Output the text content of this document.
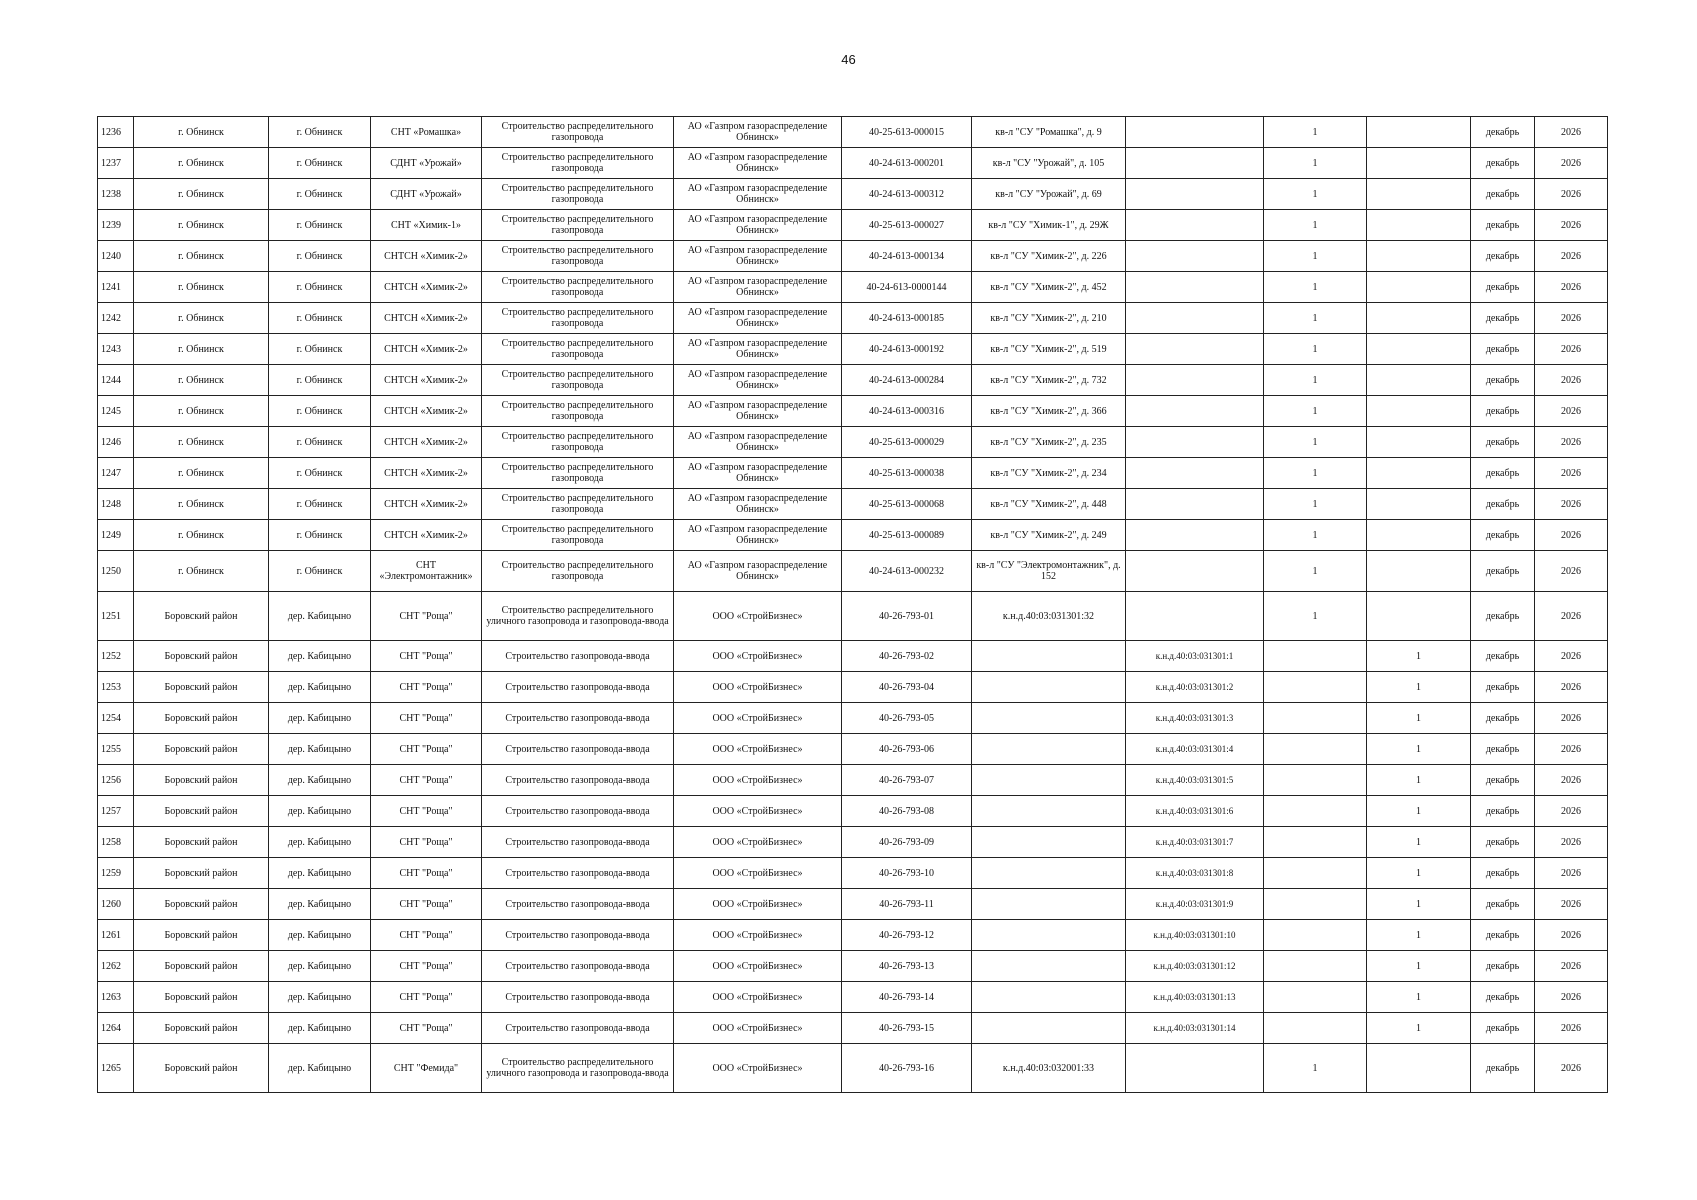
46
1236	г. Обнинск	г. Обнинск	СНТ «Ромашка»	Строительство распределительного газопровода	АО «Газпром газораспределение Обнинск»	40-25-613-000015	кв-л "СУ "Ромашка", д. 9		1		декабрь	2026
1237	г. Обнинск	г. Обнинск	СДНТ «Урожай»	Строительство распределительного газопровода	АО «Газпром газораспределение Обнинск»	40-24-613-000201	кв-л "СУ "Урожай", д. 105		1		декабрь	2026
1238	г. Обнинск	г. Обнинск	СДНТ «Урожай»	Строительство распределительного газопровода	АО «Газпром газораспределение Обнинск»	40-24-613-000312	кв-л "СУ "Урожай", д. 69		1		декабрь	2026
1239	г. Обнинск	г. Обнинск	СНТ «Химик-1»	Строительство распределительного газопровода	АО «Газпром газораспределение Обнинск»	40-25-613-000027	кв-л "СУ "Химик-1", д. 29Ж		1		декабрь	2026
1240	г. Обнинск	г. Обнинск	СНТСН «Химик-2»	Строительство распределительного газопровода	АО «Газпром газораспределение Обнинск»	40-24-613-000134	кв-л "СУ "Химик-2", д. 226		1		декабрь	2026
1241	г. Обнинск	г. Обнинск	СНТСН «Химик-2»	Строительство распределительного газопровода	АО «Газпром газораспределение Обнинск»	40-24-613-0000144	кв-л "СУ "Химик-2", д. 452		1		декабрь	2026
1242	г. Обнинск	г. Обнинск	СНТСН «Химик-2»	Строительство распределительного газопровода	АО «Газпром газораспределение Обнинск»	40-24-613-000185	кв-л "СУ "Химик-2", д. 210		1		декабрь	2026
1243	г. Обнинск	г. Обнинск	СНТСН «Химик-2»	Строительство распределительного газопровода	АО «Газпром газораспределение Обнинск»	40-24-613-000192	кв-л "СУ "Химик-2", д. 519		1		декабрь	2026
1244	г. Обнинск	г. Обнинск	СНТСН «Химик-2»	Строительство распределительного газопровода	АО «Газпром газораспределение Обнинск»	40-24-613-000284	кв-л "СУ "Химик-2", д. 732		1		декабрь	2026
1245	г. Обнинск	г. Обнинск	СНТСН «Химик-2»	Строительство распределительного газопровода	АО «Газпром газораспределение Обнинск»	40-24-613-000316	кв-л "СУ "Химик-2", д. 366		1		декабрь	2026
1246	г. Обнинск	г. Обнинск	СНТСН «Химик-2»	Строительство распределительного газопровода	АО «Газпром газораспределение Обнинск»	40-25-613-000029	кв-л "СУ "Химик-2", д. 235		1		декабрь	2026
1247	г. Обнинск	г. Обнинск	СНТСН «Химик-2»	Строительство распределительного газопровода	АО «Газпром газораспределение Обнинск»	40-25-613-000038	кв-л "СУ "Химик-2", д. 234		1		декабрь	2026
1248	г. Обнинск	г. Обнинск	СНТСН «Химик-2»	Строительство распределительного газопровода	АО «Газпром газораспределение Обнинск»	40-25-613-000068	кв-л "СУ "Химик-2", д. 448		1		декабрь	2026
1249	г. Обнинск	г. Обнинск	СНТСН «Химик-2»	Строительство распределительного газопровода	АО «Газпром газораспределение Обнинск»	40-25-613-000089	кв-л "СУ "Химик-2", д. 249		1		декабрь	2026
1250	г. Обнинск	г. Обнинск	СНТ «Электромонтажник»	Строительство распределительного газопровода	АО «Газпром газораспределение Обнинск»	40-24-613-000232	кв-л "СУ "Электромонтажник", д. 152		1		декабрь	2026
1251	Боровский район	дер. Кабицыно	СНТ "Роща"	Строительство распределительного уличного газопровода и газопровода-ввода	ООО «СтройБизнес»	40-26-793-01	к.н.д.40:03:031301:32		1		декабрь	2026
1252	Боровский район	дер. Кабицыно	СНТ "Роща"	Строительство газопровода-ввода	ООО «СтройБизнес»	40-26-793-02		к.н.д.40:03:031301:1		1	декабрь	2026
1253	Боровский район	дер. Кабицыно	СНТ "Роща"	Строительство газопровода-ввода	ООО «СтройБизнес»	40-26-793-04		к.н.д.40:03:031301:2		1	декабрь	2026
1254	Боровский район	дер. Кабицыно	СНТ "Роща"	Строительство газопровода-ввода	ООО «СтройБизнес»	40-26-793-05		к.н.д.40:03:031301:3		1	декабрь	2026
1255	Боровский район	дер. Кабицыно	СНТ "Роща"	Строительство газопровода-ввода	ООО «СтройБизнес»	40-26-793-06		к.н.д.40:03:031301:4		1	декабрь	2026
1256	Боровский район	дер. Кабицыно	СНТ "Роща"	Строительство газопровода-ввода	ООО «СтройБизнес»	40-26-793-07		к.н.д.40:03:031301:5		1	декабрь	2026
1257	Боровский район	дер. Кабицыно	СНТ "Роща"	Строительство газопровода-ввода	ООО «СтройБизнес»	40-26-793-08		к.н.д.40:03:031301:6		1	декабрь	2026
1258	Боровский район	дер. Кабицыно	СНТ "Роща"	Строительство газопровода-ввода	ООО «СтройБизнес»	40-26-793-09		к.н.д.40:03:031301:7		1	декабрь	2026
1259	Боровский район	дер. Кабицыно	СНТ "Роща"	Строительство газопровода-ввода	ООО «СтройБизнес»	40-26-793-10		к.н.д.40:03:031301:8		1	декабрь	2026
1260	Боровский район	дер. Кабицыно	СНТ "Роща"	Строительство газопровода-ввода	ООО «СтройБизнес»	40-26-793-11		к.н.д.40:03:031301:9		1	декабрь	2026
1261	Боровский район	дер. Кабицыно	СНТ "Роща"	Строительство газопровода-ввода	ООО «СтройБизнес»	40-26-793-12		к.н.д.40:03:031301:10		1	декабрь	2026
1262	Боровский район	дер. Кабицыно	СНТ "Роща"	Строительство газопровода-ввода	ООО «СтройБизнес»	40-26-793-13		к.н.д.40:03:031301:12		1	декабрь	2026
1263	Боровский район	дер. Кабицыно	СНТ "Роща"	Строительство газопровода-ввода	ООО «СтройБизнес»	40-26-793-14		к.н.д.40:03:031301:13		1	декабрь	2026
1264	Боровский район	дер. Кабицыно	СНТ "Роща"	Строительство газопровода-ввода	ООО «СтройБизнес»	40-26-793-15		к.н.д.40:03:031301:14		1	декабрь	2026
1265	Боровский район	дер. Кабицыно	СНТ "Фемида"	Строительство распределительного уличного газопровода и газопровода-ввода	ООО «СтройБизнес»	40-26-793-16	к.н.д.40:03:032001:33		1		декабрь	2026
